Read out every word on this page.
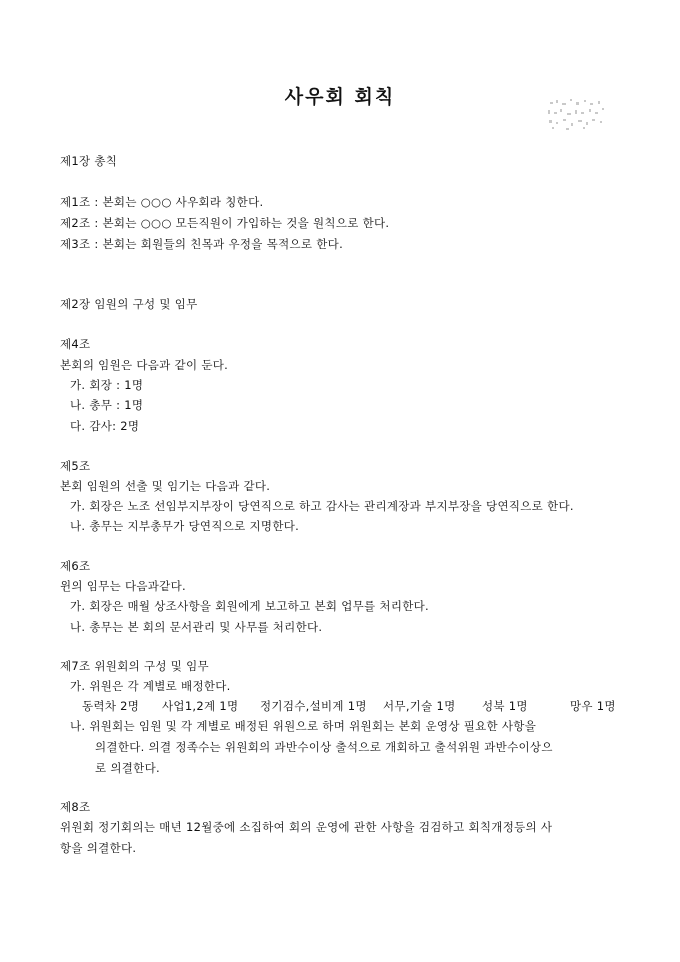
사우회 회칙
제1장 총칙
제1조 : 본회는 ○○○ 사우회라 칭한다.
제2조 : 본회는 ○○○ 모든직원이 가입하는 것을 원칙으로 한다.
제3조 : 본회는 회원들의 친목과 우정을 목적으로 한다.
제2장 임원의 구성 및 임무
제4조
본회의 임원은 다음과 같이 둔다.
가. 회장 : 1명
나. 총무 : 1명
다. 감사: 2명
제5조
본회 임원의 선출 및 임기는 다음과 같다.
가. 회장은 노조 선임부지부장이 당연직으로 하고 감사는 관리계장과 부지부장을 당연직으로 한다.
나. 총무는 지부총무가 당연직으로 지명한다.
제6조
윈의 임무는 다음과같다.
가. 회장은 매월 상조사항을 회원에게 보고하고 본회 업무를 처리한다.
나. 총무는 본 회의 문서관리 및 사무를 처리한다.
제7조 위원회의 구성 및 임무
가. 위원은 각 계별로 배정한다.
동력차 2명 사업1,2계 1명 정기검수,설비계 1명 서무,기술 1명 성북 1명	망우 1명
나. 위원회는 임원 및 각 계별로 배정된 위원으로 하며 위원회는 본회 운영상 필요한 사항을
의결한다. 의결 정족수는 위원회의 과반수이상 출석으로 개회하고 출석위원 과반수이상으
로 의결한다.
제8조
위원회 정기회의는 매년 12월중에 소집하여 회의 운영에 관한 사항을 검검하고 회칙개정등의 사
항을 의결한다.
